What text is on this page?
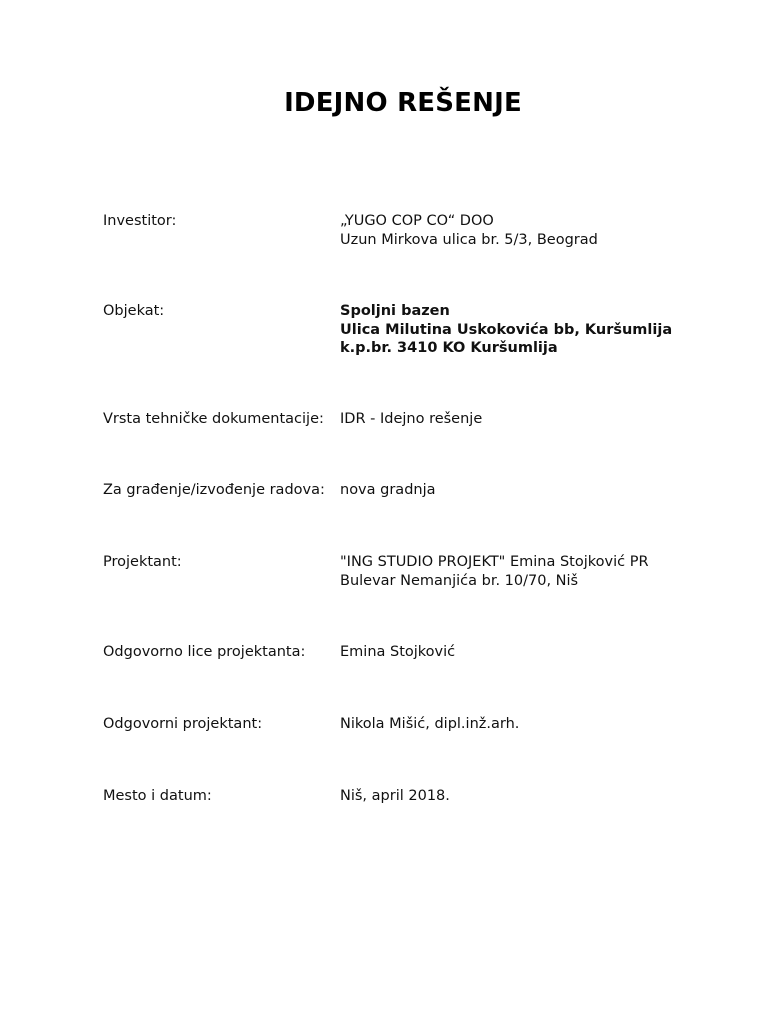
IDEJNO REŠENJE
Investitor:	„YUGO COP CO“ DOO
Uzun Mirkova ulica br. 5/3, Beograd
Objekat:	Spoljni bazen
Ulica Milutina Uskokovića bb, Kuršumlija
k.p.br. 3410 KO Kuršumlija
Vrsta tehničke dokumentacije: IDR - Idejno rešenje
Za građenje/izvođenje radova: nova gradnja
Projektant:	"ING STUDIO PROJEKT" Emina Stojković PR
Bulevar Nemanjića br. 10/70, Niš
Odgovorno lice projektanta: Emina Stojković
Odgovorni projektant:	Nikola Mišić, dipl.inž.arh.
Mesto i datum:	Niš, april 2018.
